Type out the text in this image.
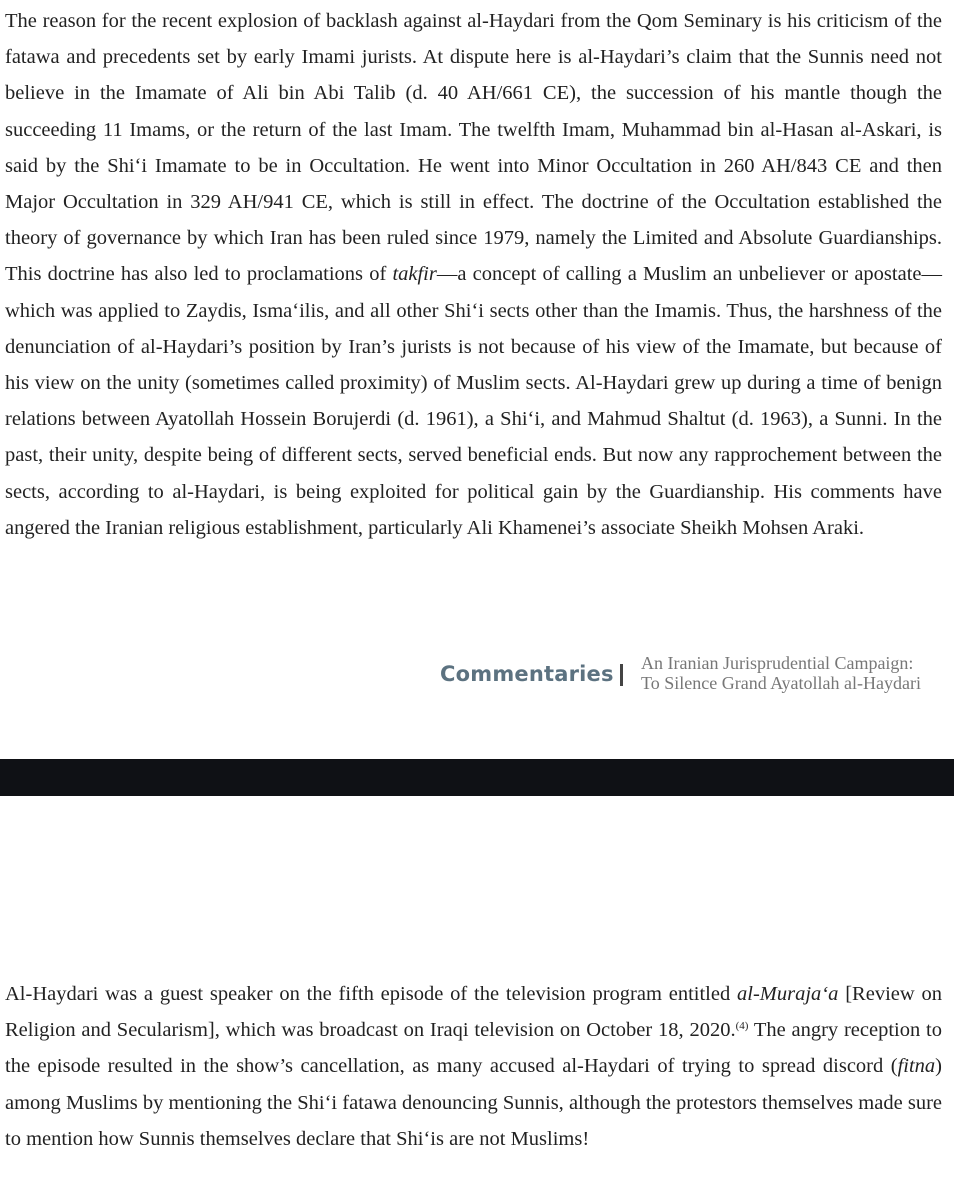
The reason for the recent explosion of backlash against al-Haydari from the Qom Seminary is his criticism of the fatawa and precedents set by early Imami jurists. At dispute here is al-Haydari’s claim that the Sunnis need not believe in the Imamate of Ali bin Abi Talib (d. 40 AH/661 CE), the succession of his mantle though the succeeding 11 Imams, or the return of the last Imam. The twelfth Imam, Muhammad bin al-Hasan al-Askari, is said by the Shi‘i Imamate to be in Occultation. He went into Minor Occultation in 260 AH/843 CE and then Major Occultation in 329 AH/941 CE, which is still in effect. The doctrine of the Occultation established the theory of governance by which Iran has been ruled since 1979, namely the Limited and Absolute Guardianships. This doctrine has also led to proclamations of takfir—a concept of calling a Muslim an unbeliever or apostate—which was applied to Zaydis, Isma‘ilis, and all other Shi‘i sects other than the Imamis. Thus, the harshness of the denunciation of al-Haydari’s position by Iran’s jurists is not because of his view of the Imamate, but because of his view on the unity (sometimes called proximity) of Muslim sects. Al-Haydari grew up during a time of benign relations between Ayatollah Hossein Borujerdi (d. 1961), a Shi‘i, and Mahmud Shaltut (d. 1963), a Sunni. In the past, their unity, despite being of different sects, served beneficial ends. But now any rapprochement between the sects, according to al-Haydari, is being exploited for political gain by the Guardianship. His comments have angered the Iranian religious establishment, particularly Ali Khamenei’s associate Sheikh Mohsen Araki.

Commentaries An Iranian Jurisprudential Campaign:
To Silence Grand Ayatollah al-Haydari

Al-Haydari was a guest speaker on the fifth episode of the television program entitled al-Muraja‘a [Review on Religion and Secularism], which was broadcast on Iraqi television on October 18, 2020.$^{(4)}$ The angry reception to the episode resulted in the show’s cancellation, as many accused al-Haydari of trying to spread discord (fitna) among Muslims by mentioning the Shi‘i fatawa denouncing Sunnis, although the protestors themselves made sure to mention how Sunnis themselves declare that Shi‘is are not Muslims!
